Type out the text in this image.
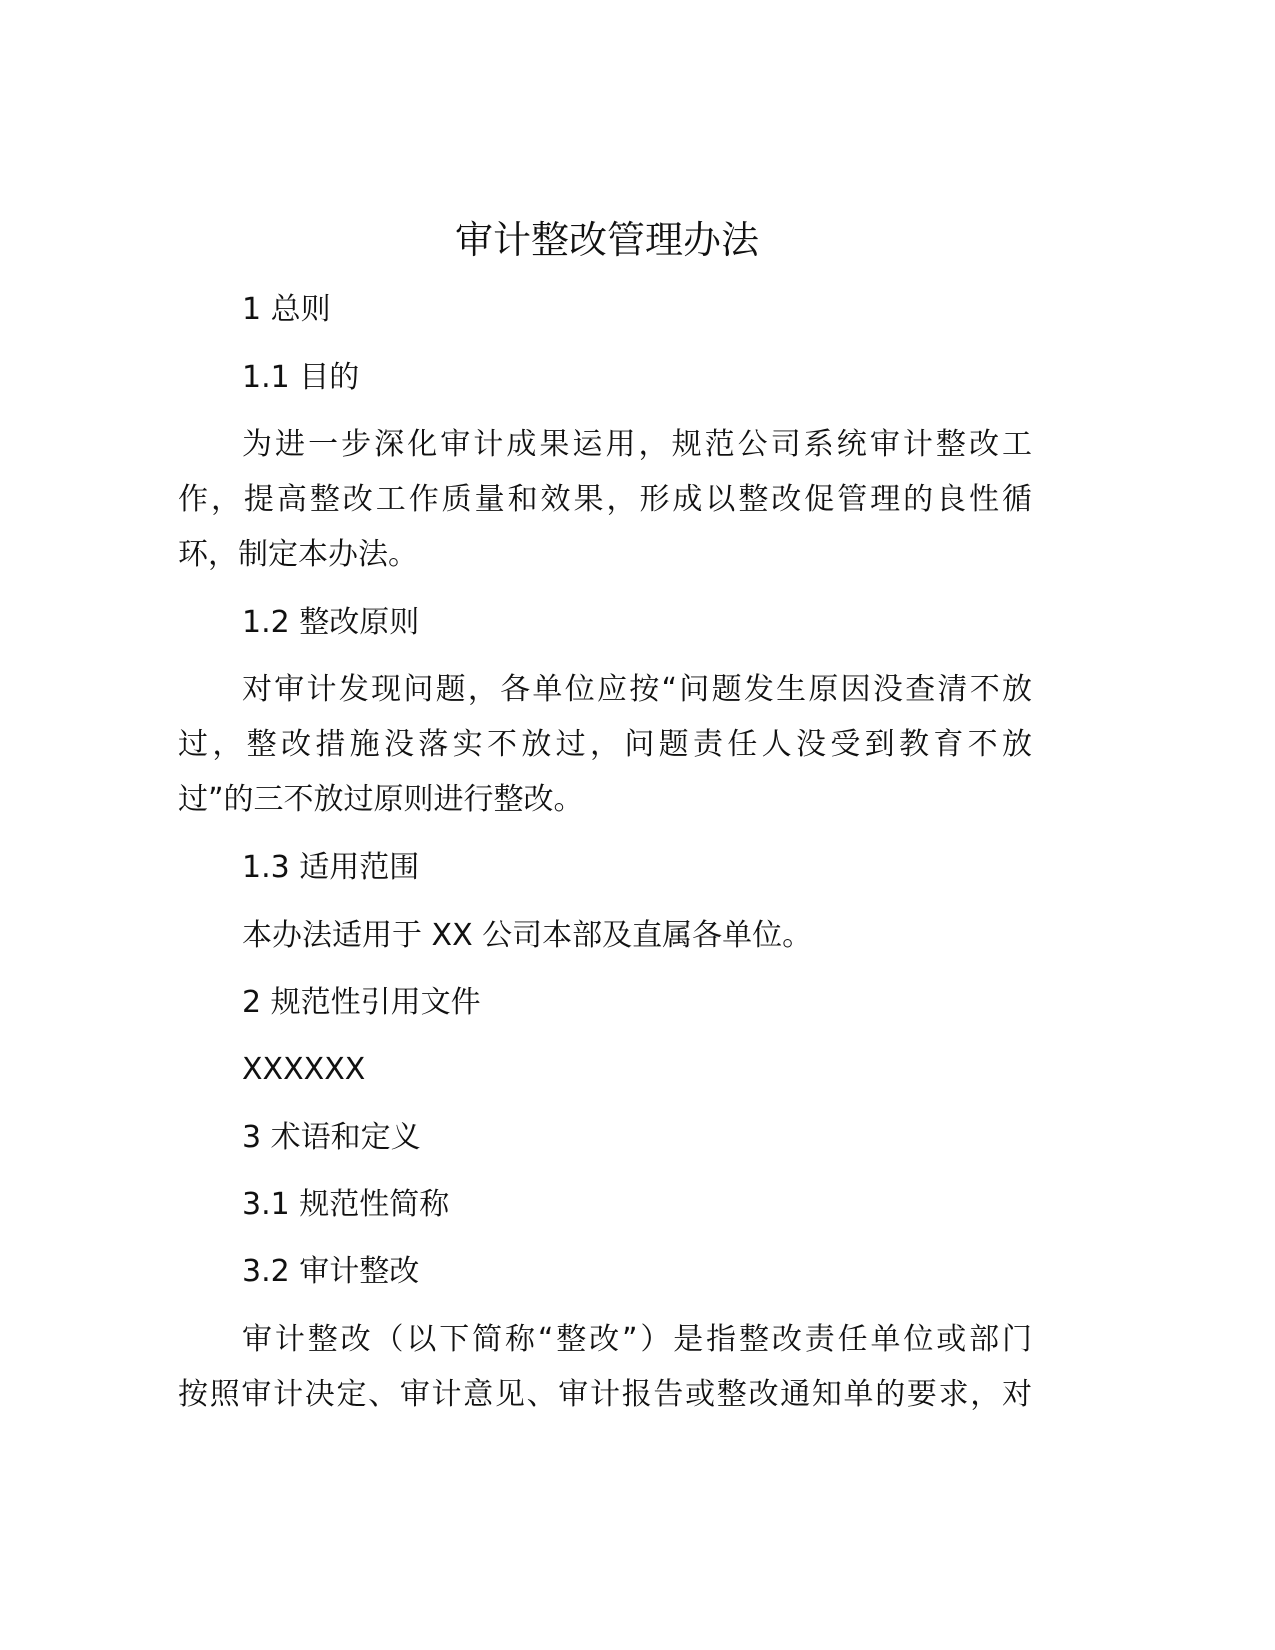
审计整改管理办法
1 总则
1.1 目的
为进一步深化审计成果运用，规范公司系统审计整改工
作，提高整改工作质量和效果，形成以整改促管理的良性循
环，制定本办法。
1.2 整改原则
对审计发现问题，各单位应按“问题发生原因没查清不放
过，整改措施没落实不放过，问题责任人没受到教育不放
过”的三不放过原则进行整改。
1.3 适用范围
本办法适用于 XX 公司本部及直属各单位。
2 规范性引用文件
XXXXXX
3 术语和定义
3.1 规范性简称
3.2 审计整改
审计整改（以下简称“整改”）是指整改责任单位或部门
按照审计决定、审计意见、审计报告或整改通知单的要求，对
